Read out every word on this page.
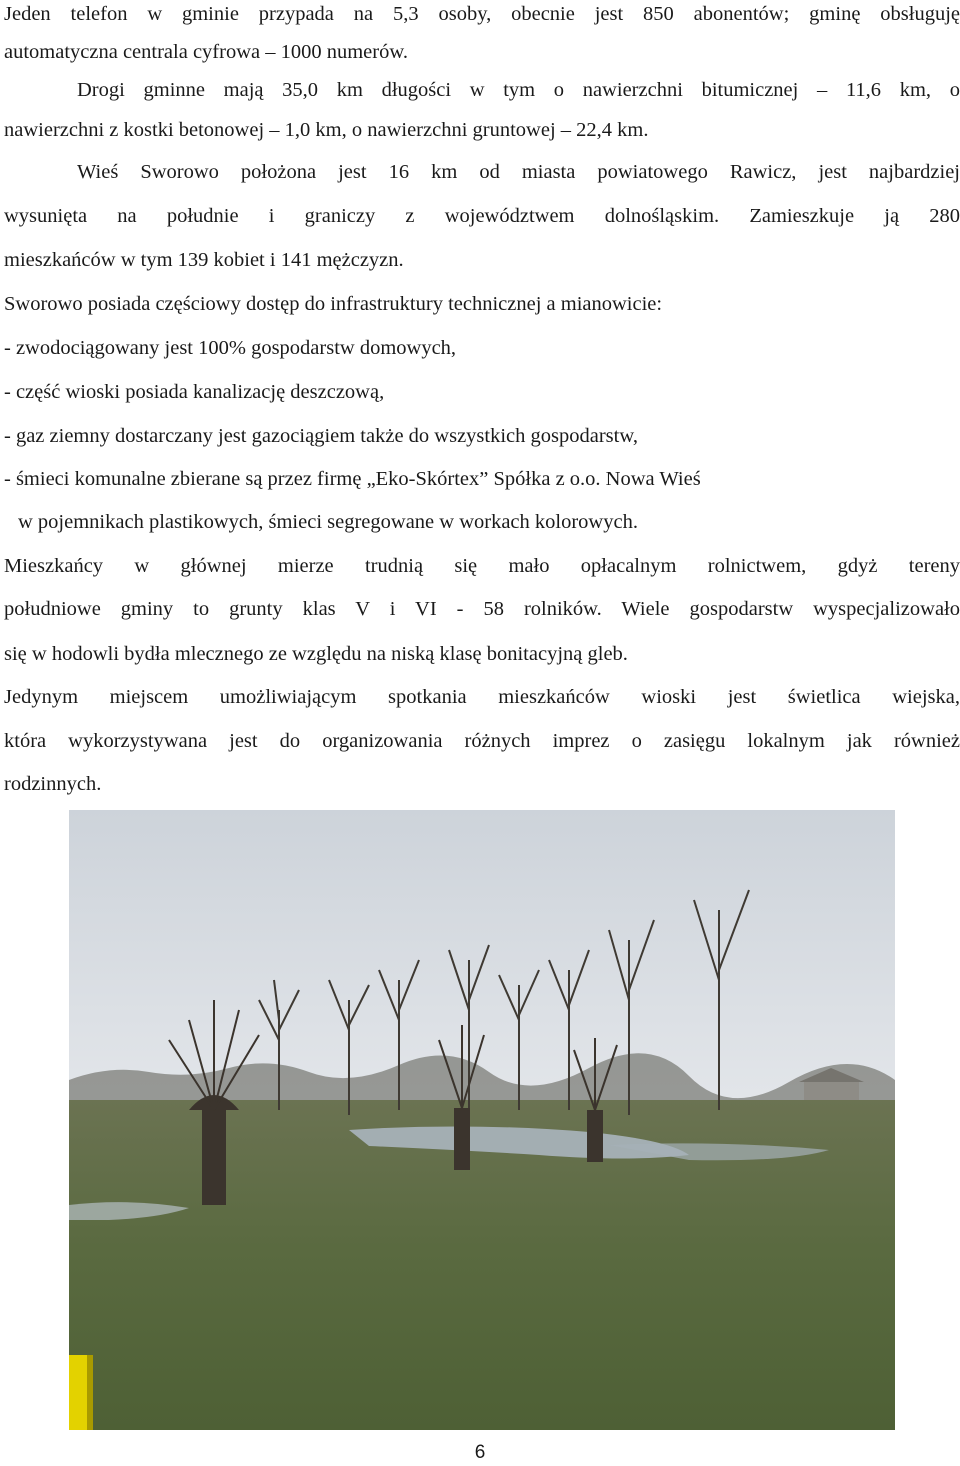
Jeden telefon w gminie przypada na 5,3 osoby, obecnie jest 850 abonentów; gminę obsługuję
automatyczna centrala cyfrowa – 1000 numerów.
Drogi gminne mają 35,0 km długości w tym o nawierzchni bitumicznej – 11,6 km, o
nawierzchni z kostki betonowej – 1,0 km, o nawierzchni gruntowej – 22,4 km.
Wieś Sworowo położona jest 16 km od miasta powiatowego Rawicz, jest najbardziej
wysunięta na południe i graniczy z województwem dolnośląskim. Zamieszkuje ją 280
mieszkańców w tym 139 kobiet i 141 mężczyzn.
Sworowo posiada częściowy dostęp do infrastruktury technicznej a mianowicie:
- zwodociągowany jest 100% gospodarstw domowych,
- część wioski posiada kanalizację deszczową,
- gaz ziemny dostarczany jest gazociągiem także do wszystkich gospodarstw,
- śmieci komunalne zbierane są przez firmę „Eko-Skórtex” Spółka z o.o. Nowa Wieś
w pojemnikach plastikowych, śmieci segregowane w workach kolorowych.
Mieszkańcy w głównej mierze trudnią się mało opłacalnym rolnictwem, gdyż tereny
południowe gminy to grunty klas V i VI - 58 rolników. Wiele gospodarstw wyspecjalizowało
się w hodowli bydła mlecznego ze względu na niską klasę bonitacyjną gleb.
Jedynym miejscem umożliwiającym spotkania mieszkańców wioski jest świetlica wiejska,
która wykorzystywana jest do organizowania różnych imprez o zasięgu lokalnym jak również
rodzinnych.
6
